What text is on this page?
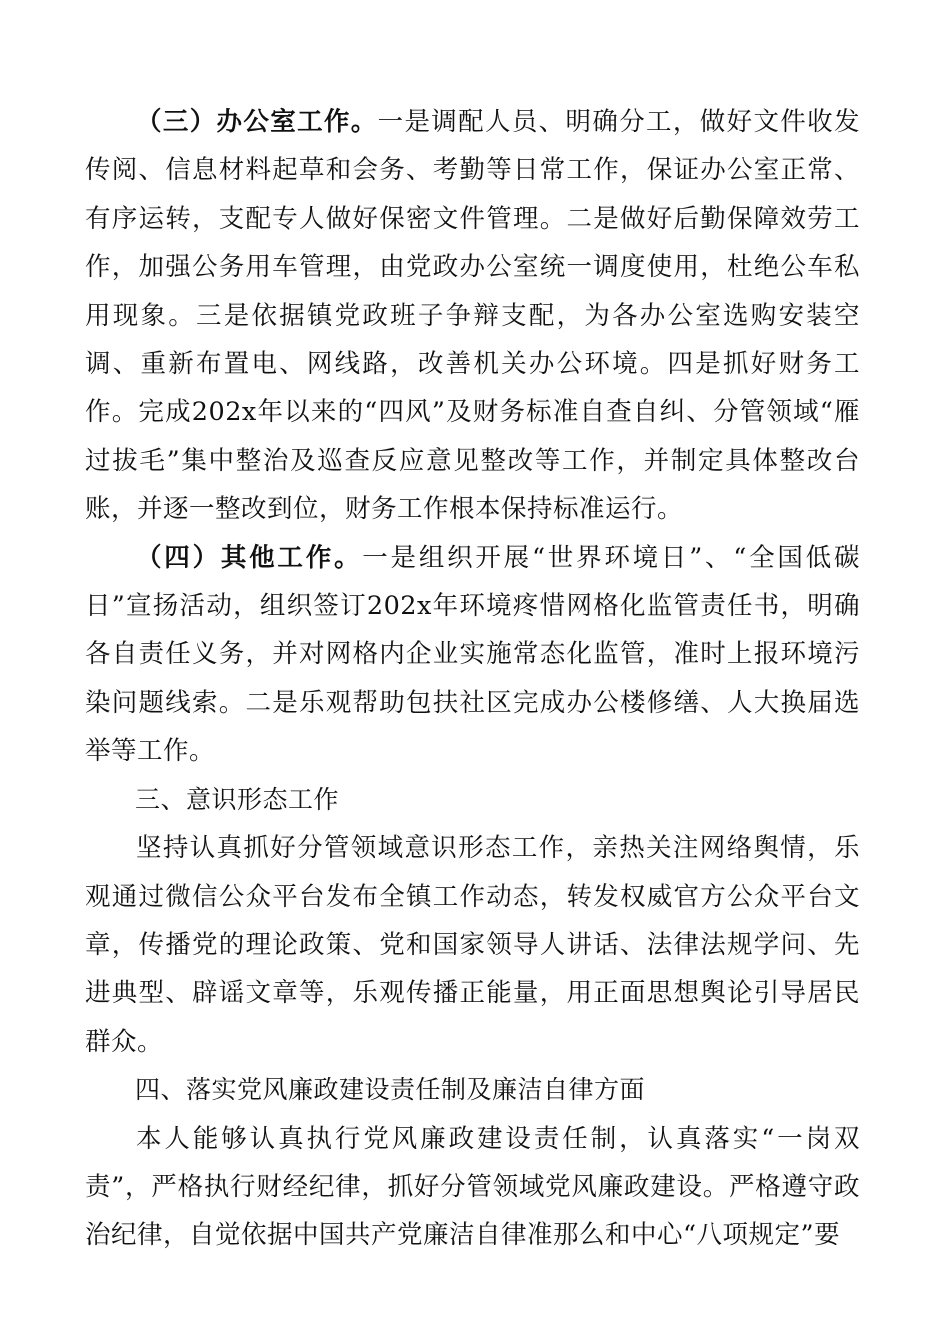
（三）办公室工作。一是调配人员、明确分工，做好文件收发传阅、信息材料起草和会务、考勤等日常工作，保证办公室正常、有序运转，支配专人做好保密文件管理。二是做好后勤保障效劳工作，加强公务用车管理，由党政办公室统一调度使用，杜绝公车私用现象。三是依据镇党政班子争辩支配，为各办公室选购安装空调、重新布置电、网线路，改善机关办公环境。四是抓好财务工作。完成202x年以来的“四风”及财务标准自查自纠、分管领域“雁过拔毛”集中整治及巡查反应意见整改等工作，并制定具体整改台账，并逐一整改到位，财务工作根本保持标准运行。

（四）其他工作。一是组织开展“世界环境日”、“全国低碳日”宣扬活动，组织签订202x年环境疼惜网格化监管责任书，明确各自责任义务，并对网格内企业实施常态化监管，准时上报环境污染问题线索。二是乐观帮助包扶社区完成办公楼修缮、人大换届选举等工作。

三、意识形态工作

坚持认真抓好分管领域意识形态工作，亲热关注网络舆情，乐观通过微信公众平台发布全镇工作动态，转发权威官方公众平台文章，传播党的理论政策、党和国家领导人讲话、法律法规学问、先进典型、辟谣文章等，乐观传播正能量，用正面思想舆论引导居民群众。

四、落实党风廉政建设责任制及廉洁自律方面

本人能够认真执行党风廉政建设责任制，认真落实“一岗双责”，严格执行财经纪律，抓好分管领域党风廉政建设。严格遵守政治纪律，自觉依据中国共产党廉洁自律准那么和中心“八项规定”要
